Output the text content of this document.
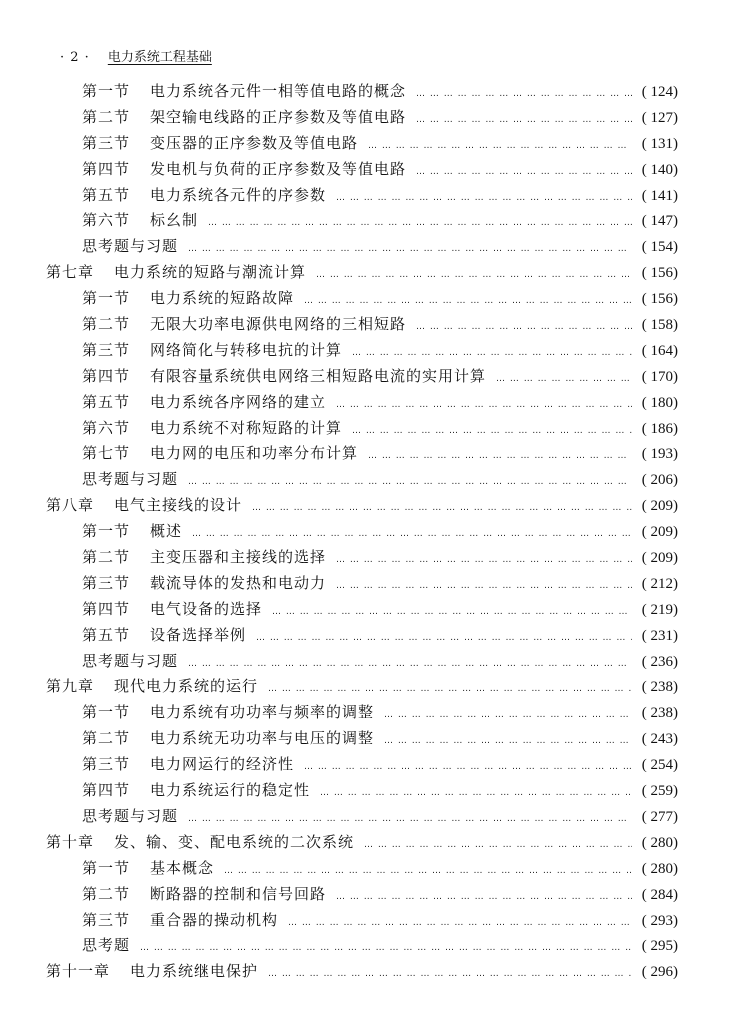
· 2 · 电力系统工程基础
第一节 电力系统各元件一相等值电路的概念 … … … … … … … … … … … … … … … … … … … … … … … … … … … … … … … … … … … … … … … … … … …	( 124)
第二节 架空输电线路的正序参数及等值电路 … … … … … … … … … … … … … … … … … … … … … … … … … … … … … … … … … … … … … … … … … … …	( 127)
第三节 变压器的正序参数及等值电路 … … … … … … … … … … … … … … … … … … … … … … … … … … … … … … … … … … … … … … … … … … …	( 131)
第四节 发电机与负荷的正序参数及等值电路 … … … … … … … … … … … … … … … … … … … … … … … … … … … … … … … … … … … … … … … … … … …	( 140)
第五节 电力系统各元件的序参数 … … … … … … … … … … … … … … … … … … … … … … … … … … … … … … … … … … … … … … … … … … …	( 141)
第六节 标幺制 … … … … … … … … … … … … … … … … … … … … … … … … … … … … … … … … … … … … … … … … … … …	( 147)
思考题与习题 … … … … … … … … … … … … … … … … … … … … … … … … … … … … … … … … … … … … … … … … … … …	( 154)
第七章 电力系统的短路与潮流计算 … … … … … … … … … … … … … … … … … … … … … … … … … … … … … … … … … … … … … … … … … … …	( 156)
第一节 电力系统的短路故障 … … … … … … … … … … … … … … … … … … … … … … … … … … … … … … … … … … … … … … … … … … …	( 156)
第二节 无限大功率电源供电网络的三相短路 … … … … … … … … … … … … … … … … … … … … … … … … … … … … … … … … … … … … … … … … … … …	( 158)
第三节 网络简化与转移电抗的计算 … … … … … … … … … … … … … … … … … … … … … … … … … … … … … … … … … … … … … … … … … … …	( 164)
第四节 有限容量系统供电网络三相短路电流的实用计算 … … … … … … … … … … … … … … … … … … … … … … … … … … … … … … … … … … … … … … … … … … …	( 170)
第五节 电力系统各序网络的建立 … … … … … … … … … … … … … … … … … … … … … … … … … … … … … … … … … … … … … … … … … … …	( 180)
第六节 电力系统不对称短路的计算 … … … … … … … … … … … … … … … … … … … … … … … … … … … … … … … … … … … … … … … … … … …	( 186)
第七节 电力网的电压和功率分布计算 … … … … … … … … … … … … … … … … … … … … … … … … … … … … … … … … … … … … … … … … … … …	( 193)
思考题与习题 … … … … … … … … … … … … … … … … … … … … … … … … … … … … … … … … … … … … … … … … … … …	( 206)
第八章 电气主接线的设计 … … … … … … … … … … … … … … … … … … … … … … … … … … … … … … … … … … … … … … … … … … …	( 209)
第一节 概述 … … … … … … … … … … … … … … … … … … … … … … … … … … … … … … … … … … … … … … … … … … …	( 209)
第二节 主变压器和主接线的选择 … … … … … … … … … … … … … … … … … … … … … … … … … … … … … … … … … … … … … … … … … … …	( 209)
第三节 载流导体的发热和电动力 … … … … … … … … … … … … … … … … … … … … … … … … … … … … … … … … … … … … … … … … … … …	( 212)
第四节 电气设备的选择 … … … … … … … … … … … … … … … … … … … … … … … … … … … … … … … … … … … … … … … … … … …	( 219)
第五节 设备选择举例 … … … … … … … … … … … … … … … … … … … … … … … … … … … … … … … … … … … … … … … … … … …	( 231)
思考题与习题 … … … … … … … … … … … … … … … … … … … … … … … … … … … … … … … … … … … … … … … … … … …	( 236)
第九章 现代电力系统的运行 … … … … … … … … … … … … … … … … … … … … … … … … … … … … … … … … … … … … … … … … … … …	( 238)
第一节 电力系统有功功率与频率的调整 … … … … … … … … … … … … … … … … … … … … … … … … … … … … … … … … … … … … … … … … … … …	( 238)
第二节 电力系统无功功率与电压的调整 … … … … … … … … … … … … … … … … … … … … … … … … … … … … … … … … … … … … … … … … … … …	( 243)
第三节 电力网运行的经济性 … … … … … … … … … … … … … … … … … … … … … … … … … … … … … … … … … … … … … … … … … … …	( 254)
第四节 电力系统运行的稳定性 … … … … … … … … … … … … … … … … … … … … … … … … … … … … … … … … … … … … … … … … … … …	( 259)
思考题与习题 … … … … … … … … … … … … … … … … … … … … … … … … … … … … … … … … … … … … … … … … … … …	( 277)
第十章 发、输、变、配电系统的二次系统 … … … … … … … … … … … … … … … … … … … … … … … … … … … … … … … … … … … … … … … … … … …	( 280)
第一节 基本概念 … … … … … … … … … … … … … … … … … … … … … … … … … … … … … … … … … … … … … … … … … … …	( 280)
第二节 断路器的控制和信号回路 … … … … … … … … … … … … … … … … … … … … … … … … … … … … … … … … … … … … … … … … … … …	( 284)
第三节 重合器的操动机构 … … … … … … … … … … … … … … … … … … … … … … … … … … … … … … … … … … … … … … … … … … …	( 293)
思考题 … … … … … … … … … … … … … … … … … … … … … … … … … … … … … … … … … … … … … … … … … … …	( 295)
第十一章 电力系统继电保护 … … … … … … … … … … … … … … … … … … … … … … … … … … … … … … … … … … … … … … … … … … …	( 296)
